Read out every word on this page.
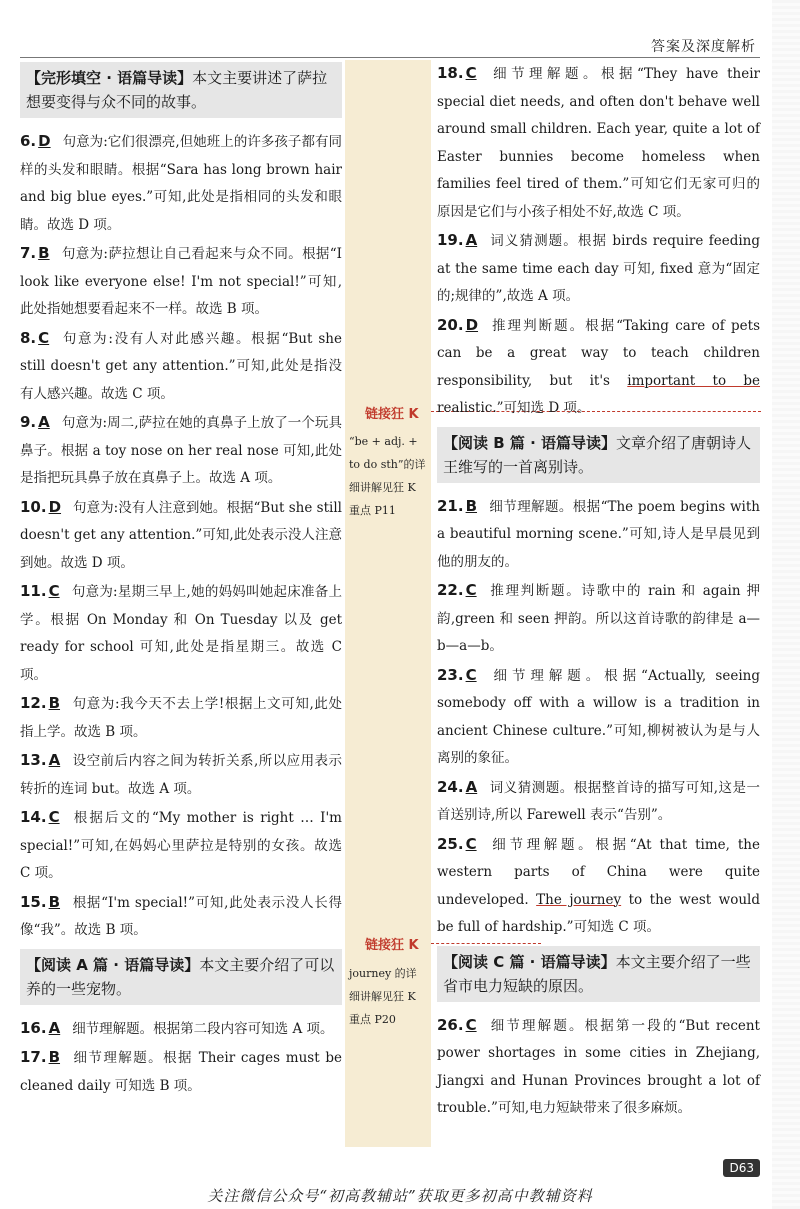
答案及深度解析
【完形填空 · 语篇导读】本文主要讲述了萨拉想要变得与众不同的故事。
6. D 句意为:它们很漂亮,但她班上的许多孩子都有同样的头发和眼睛。根据“Sara has long brown hair and big blue eyes.”可知,此处是指相同的头发和眼睛。故选 D 项。
7. B 句意为:萨拉想让自己看起来与众不同。根据“I look like everyone else! I'm not special!”可知,此处指她想要看起来不一样。故选 B 项。
8. C 句意为:没有人对此感兴趣。根据“But she still doesn't get any attention.”可知,此处是指没有人感兴趣。故选 C 项。
9. A 句意为:周二,萨拉在她的真鼻子上放了一个玩具鼻子。根据 a toy nose on her real nose 可知,此处是指把玩具鼻子放在真鼻子上。故选 A 项。
10. D 句意为:没有人注意到她。根据“But she still doesn't get any attention.”可知,此处表示没人注意到她。故选 D 项。
11. C 句意为:星期三早上,她的妈妈叫她起床准备上学。根据 On Monday 和 On Tuesday 以及 get ready for school 可知,此处是指星期三。故选 C 项。
12. B 句意为:我今天不去上学!根据上文可知,此处指上学。故选 B 项。
13. A 设空前后内容之间为转折关系,所以应用表示转折的连词 but。故选 A 项。
14. C 根据后文的“My mother is right … I'm special!”可知,在妈妈心里萨拉是特别的女孩。故选 C 项。
15. B 根据“I'm special!”可知,此处表示没人长得像“我”。故选 B 项。
【阅读 A 篇 · 语篇导读】本文主要介绍了可以养的一些宠物。
16. A 细节理解题。根据第二段内容可知选 A 项。
17. B 细节理解题。根据 Their cages must be cleaned daily 可知选 B 项。
链接狂 K
“be + adj. +
to do sth”的详
细讲解见狂 K
重点 P11
链接狂 K
journey 的详
细讲解见狂 K
重点 P20
18. C 细节理解题。根据“They have their special diet needs, and often don't behave well around small children. Each year, quite a lot of Easter bunnies become homeless when families feel tired of them.”可知它们无家可归的原因是它们与小孩子相处不好,故选 C 项。
19. A 词义猜测题。根据 birds require feeding at the same time each day 可知, fixed 意为“固定的;规律的”,故选 A 项。
20. D 推理判断题。根据“Taking care of pets can be a great way to teach children responsibility, but it's important to be realistic.”可知选 D 项。
【阅读 B 篇 · 语篇导读】文章介绍了唐朝诗人王维写的一首离别诗。
21. B 细节理解题。根据“The poem begins with a beautiful morning scene.”可知,诗人是早晨见到他的朋友的。
22. C 推理判断题。诗歌中的 rain 和 again 押韵,green 和 seen 押韵。所以这首诗歌的韵律是 a—b—a—b。
23. C 细节理解题。根据“Actually, seeing somebody off with a willow is a tradition in ancient Chinese culture.”可知,柳树被认为是与人离别的象征。
24. A 词义猜测题。根据整首诗的描写可知,这是一首送别诗,所以 Farewell 表示“告别”。
25. C 细节理解题。根据“At that time, the western parts of China were quite undeveloped. The journey to the west would be full of hardship.”可知选 C 项。
【阅读 C 篇 · 语篇导读】本文主要介绍了一些省市电力短缺的原因。
26. C 细节理解题。根据第一段的“But recent power shortages in some cities in Zhejiang, Jiangxi and Hunan Provinces brought a lot of trouble.”可知,电力短缺带来了很多麻烦。
D63
关注微信公众号“初高教辅站”获取更多初高中教辅资料
